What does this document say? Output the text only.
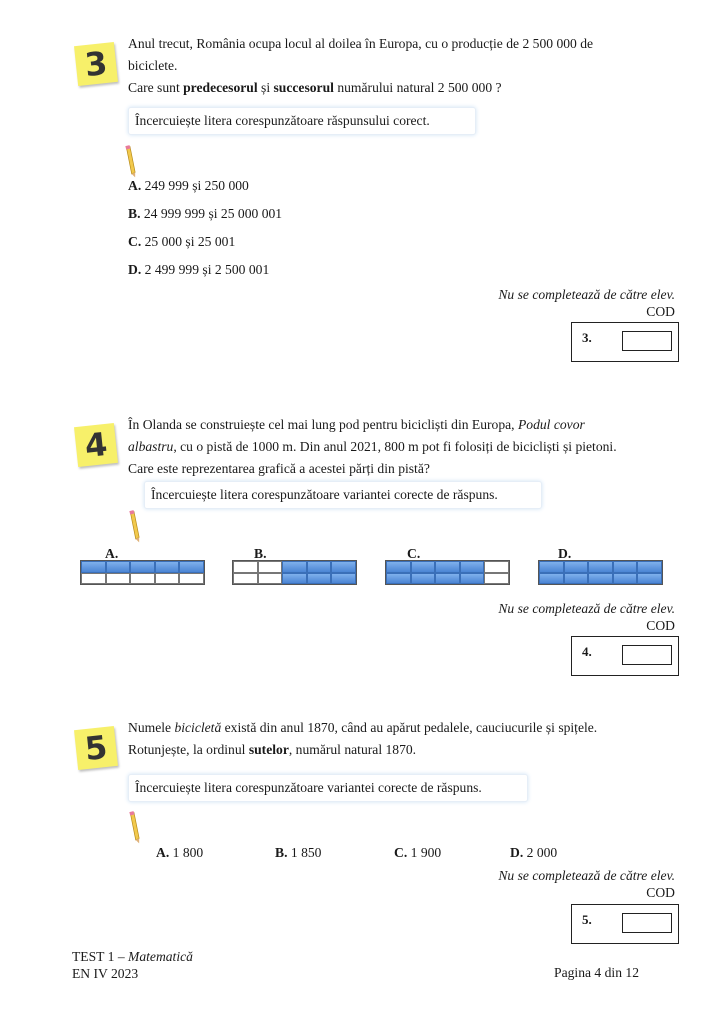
3
Anul trecut, România ocupa locul al doilea în Europa, cu o producție de 2 500 000 de
biciclete.
Care sunt predecesorul și succesorul numărului natural 2 500 000 ?
Încercuiește litera corespunzătoare răspunsului corect.
A. 249 999 și 250 000
B. 24 999 999 și 25 000 001
C. 25 000 și 25 001
D. 2 499 999 și 2 500 001
Nu se completează de către elev.
COD
3.
4
În Olanda se construiește cel mai lung pod pentru bicicliști din Europa, Podul covor
albastru, cu o pistă de 1000 m. Din anul 2021, 800 m pot fi folosiți de bicicliști și pietoni.
Care este reprezentarea grafică a acestei părți din pistă?
Încercuiește litera corespunzătoare variantei corecte de răspuns.
A.	B.	C.	D.
Nu se completează de către elev.
COD
4.
5
Numele bicicletă există din anul 1870, când au apărut pedalele, cauciucurile și spițele.
Rotunjește, la ordinul sutelor, numărul natural 1870.
Încercuiește litera corespunzătoare variantei corecte de răspuns.
A. 1 800	B. 1 850	C. 1 900	D. 2 000
Nu se completează de către elev.
COD
5.
TEST 1 – Matematică
EN IV 2023	Pagina 4 din 12
